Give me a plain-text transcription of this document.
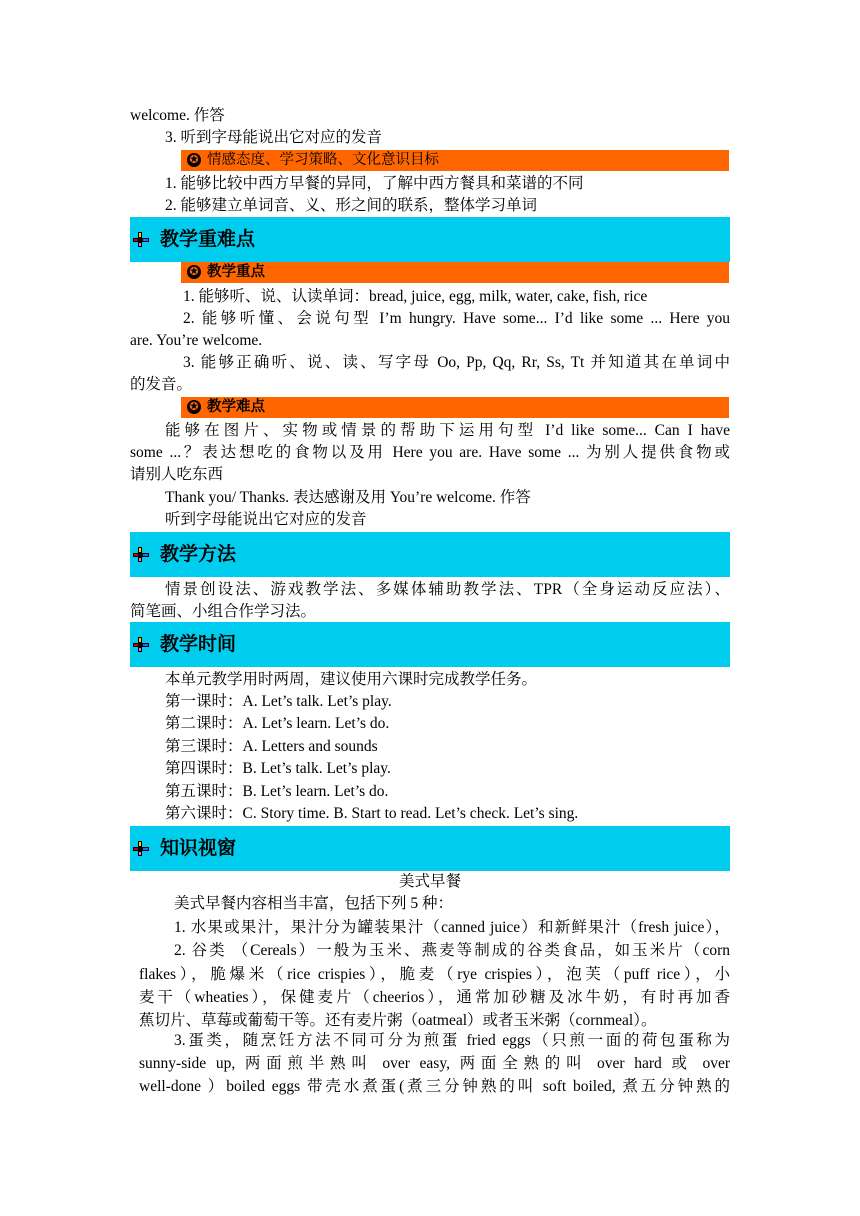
welcome. 作答
3. 听到字母能说出它对应的发音
✪ 情感态度、学习策略、文化意识目标
1. 能够比较中西方早餐的异同，了解中西方餐具和菜谱的不同
2. 能够建立单词音、义、形之间的联系，整体学习单词
教学重难点
✪ 教学重点
1. 能够听、说、认读单词：bread, juice, egg, milk, water, cake, fish, rice
2. 能够听懂、会说句型 I’m hungry. Have some... I’d like some ... Here you
are. You’re welcome.
3. 能够正确听、说、读、写字母 Oo, Pp, Qq, Rr, Ss, Tt 并知道其在单词中
的发音。
✪ 教学难点
能够在图片、实物或情景的帮助下运用句型 I’d like some... Can I have
some ...？表达想吃的食物以及用 Here you are. Have some ... 为别人提供食物或
请别人吃东西
Thank you/ Thanks. 表达感谢及用 You’re welcome. 作答
听到字母能说出它对应的发音
教学方法
情景创设法、游戏教学法、多媒体辅助教学法、TPR（全身运动反应法）、
简笔画、小组合作学习法。
教学时间
本单元教学用时两周，建议使用六课时完成教学任务。
第一课时：A. Let’s talk. Let’s play.
第二课时：A. Let’s learn. Let’s do.
第三课时：A. Letters and sounds
第四课时：B. Let’s talk. Let’s play.
第五课时：B. Let’s learn. Let’s do.
第六课时：C. Story time. B. Start to read. Let’s check. Let’s sing.
知识视窗
美式早餐
美式早餐内容相当丰富，包括下列 5 种：
1. 水果或果汁，果汁分为罐装果汁（canned juice）和新鲜果汁（fresh juice），
2. 谷类 （Cereals）一般为玉米、燕麦等制成的谷类食品，如玉米片（corn
flakes），脆爆米（rice crispies），脆麦（rye crispies），泡芙（puff rice），小
麦干（wheaties），保健麦片（cheerios），通常加砂糖及冰牛奶，有时再加香
蕉切片、草莓或葡萄干等。还有麦片粥（oatmeal）或者玉米粥（cornmeal）。
3.蛋类，随烹饪方法不同可分为煎蛋 fried eggs（只煎一面的荷包蛋称为
sunny-side up, 两面煎半熟叫 over easy, 两面全熟的叫 over hard 或 over
well-done ）boiled eggs 带壳水煮蛋(煮三分钟熟的叫 soft boiled, 煮五分钟熟的
